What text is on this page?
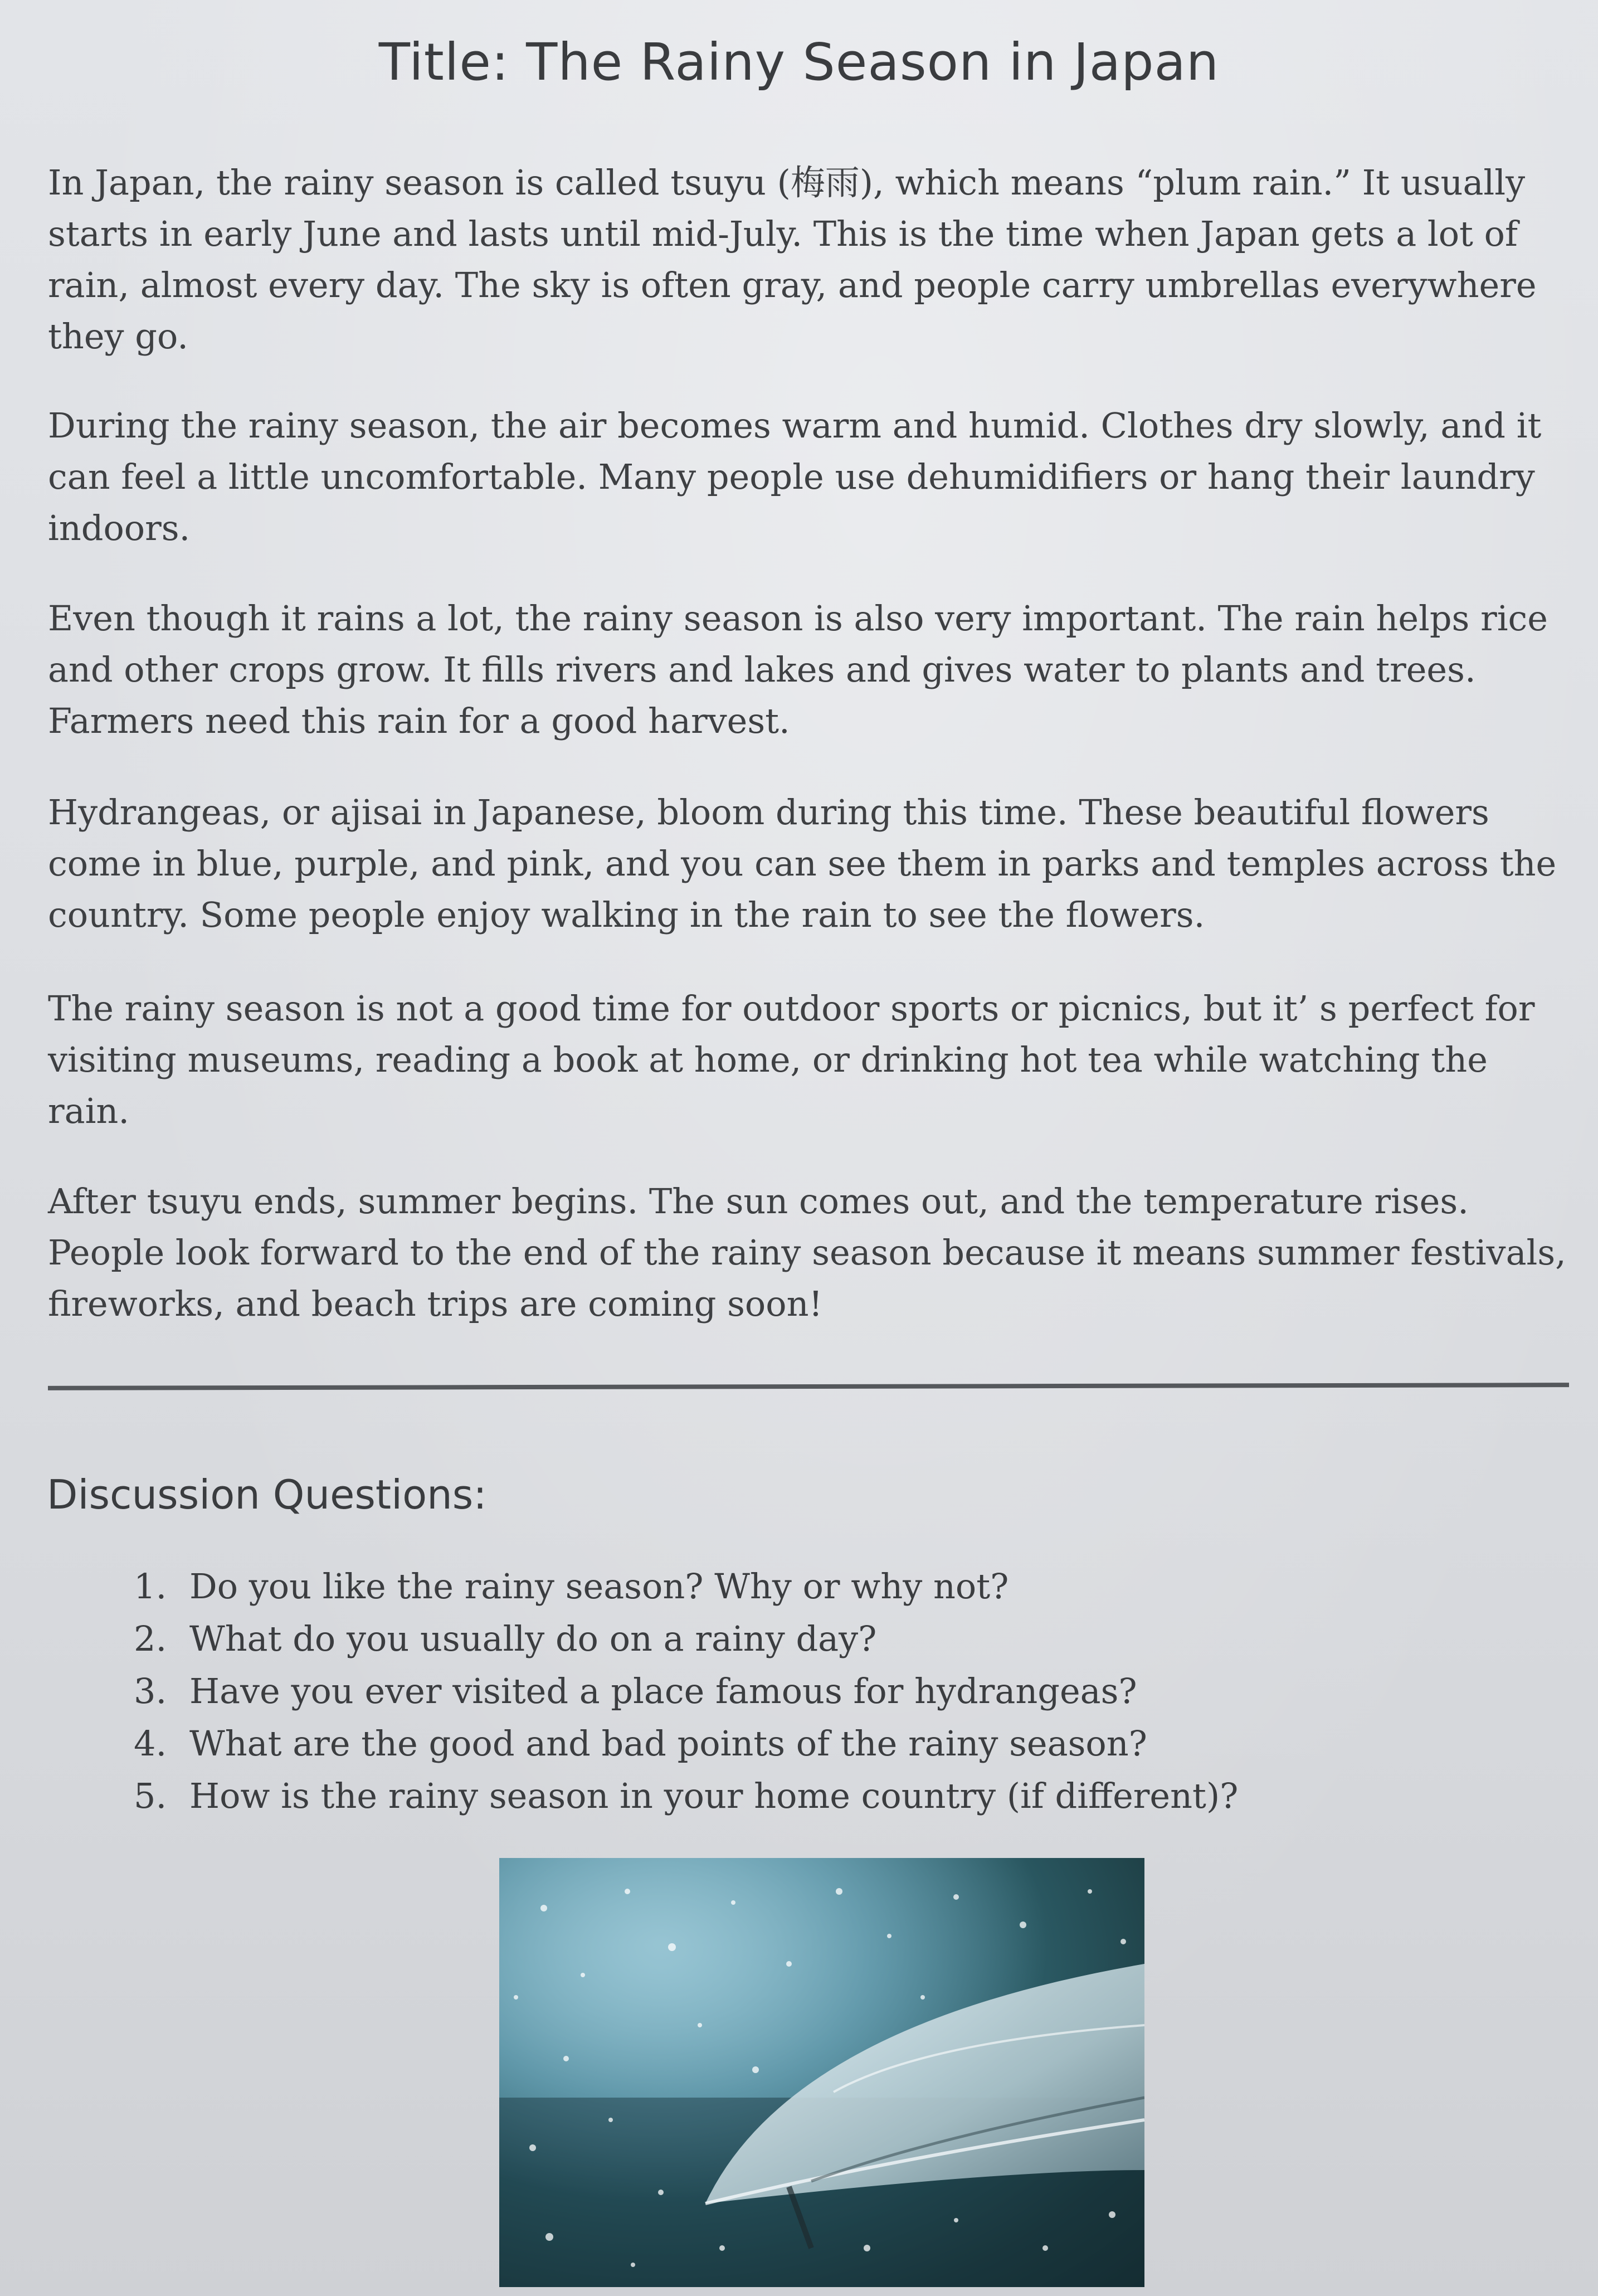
Title: The Rainy Season in Japan

In Japan, the rainy season is called tsuyu (梅雨), which means “plum rain.” It usually starts in early June and lasts until mid-July. This is the time when Japan gets a lot of rain, almost every day. The sky is often gray, and people carry umbrellas everywhere they go.

During the rainy season, the air becomes warm and humid. Clothes dry slowly, and it can feel a little uncomfortable. Many people use dehumidifiers or hang their laundry indoors.

Even though it rains a lot, the rainy season is also very important. The rain helps rice and other crops grow. It fills rivers and lakes and gives water to plants and trees. Farmers need this rain for a good harvest.

Hydrangeas, or ajisai in Japanese, bloom during this time. These beautiful flowers come in blue, purple, and pink, and you can see them in parks and temples across the country. Some people enjoy walking in the rain to see the flowers.

The rainy season is not a good time for outdoor sports or picnics, but it’ s perfect for visiting museums, reading a book at home, or drinking hot tea while watching the rain.

After tsuyu ends, summer begins. The sun comes out, and the temperature rises. People look forward to the end of the rainy season because it means summer festivals, fireworks, and beach trips are coming soon!

Discussion Questions:
1. Do you like the rainy season? Why or why not?
2. What do you usually do on a rainy day?
3. Have you ever visited a place famous for hydrangeas?
4. What are the good and bad points of the rainy season?
5. How is the rainy season in your home country (if different)?
